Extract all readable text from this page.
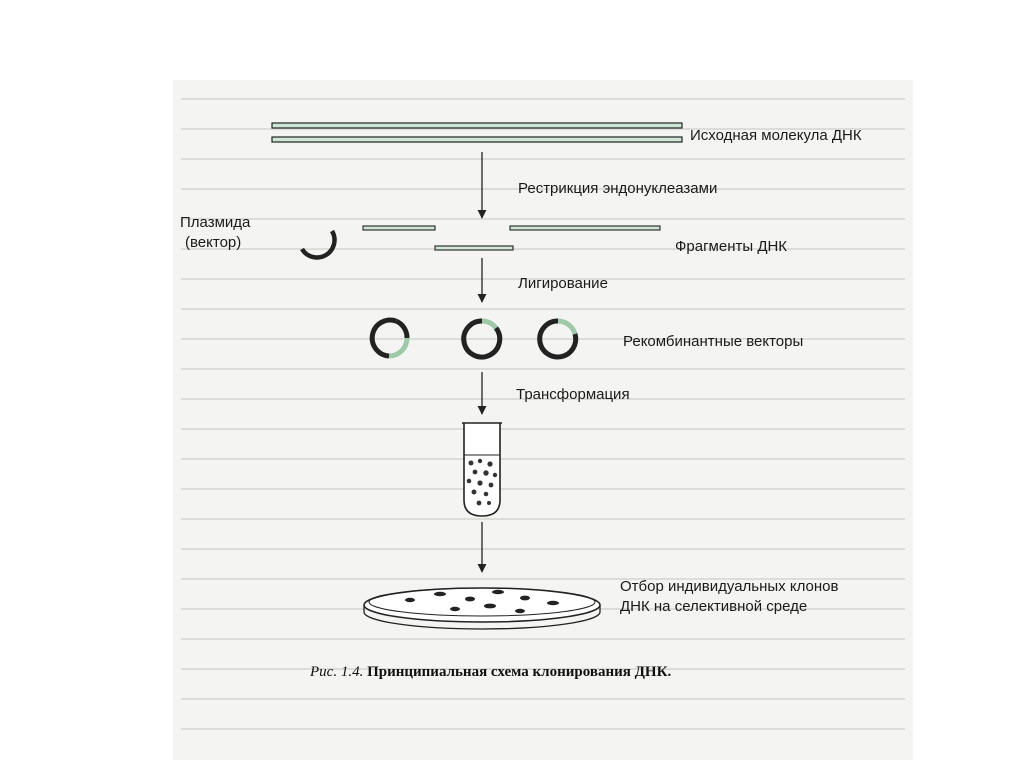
Исходная молекула ДНК
Рестрикция эндонуклеазами
Плазмида
(вектор)	Фрагменты ДНК
Лигирование
Рекомбинантные векторы
Трансформация
Отбор индивидуальных клонов
ДНК на селективной среде
Рис. 1.4. Принципиальная схема клонирования ДНК.
